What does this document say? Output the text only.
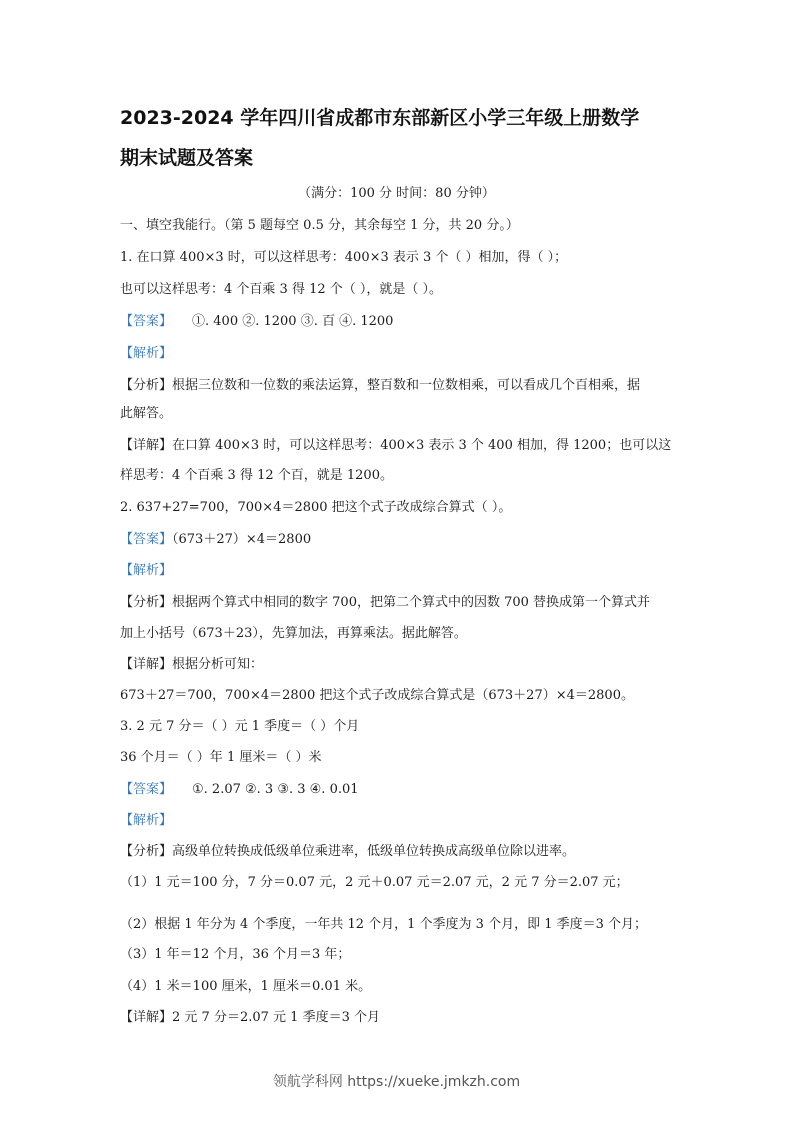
2023-2024 学年四川省成都市东部新区小学三年级上册数学
期末试题及答案
（满分：100 分 时间：80 分钟）
一、填空我能行。（第 5 题每空 0.5 分，其余每空 1 分，共 20 分。）
1. 在口算 400×3 时，可以这样思考：400×3 表示 3 个（ ）相加，得（ ）；
也可以这样思考：4 个百乘 3 得 12 个（ ），就是（ ）。
【答案】 ①. 400 ②. 1200 ③. 百 ④. 1200
【解析】
【分析】根据三位数和一位数的乘法运算，整百数和一位数相乘，可以看成几个百相乘，据
此解答。
【详解】在口算 400×3 时，可以这样思考：400×3 表示 3 个 400 相加，得 1200；也可以这
样思考：4 个百乘 3 得 12 个百，就是 1200。
2. 637+27=700，700×4＝2800 把这个式子改成综合算式（ ）。
【答案】（673＋27）×4＝2800
【解析】
【分析】根据两个算式中相同的数字 700，把第二个算式中的因数 700 替换成第一个算式并
加上小括号（673＋23），先算加法，再算乘法。据此解答。
【详解】根据分析可知：
673＋27＝700，700×4＝2800 把这个式子改成综合算式是（673＋27）×4＝2800。
3. 2 元 7 分＝（ ）元 1 季度＝（ ）个月
36 个月＝（ ）年 1 厘米＝（ ）米
【答案】 ①. 2.07 ②. 3 ③. 3 ④. 0.01
【解析】
【分析】高级单位转换成低级单位乘进率，低级单位转换成高级单位除以进率。
（1）1 元＝100 分，7 分＝0.07 元，2 元＋0.07 元＝2.07 元，2 元 7 分＝2.07 元；
（2）根据 1 年分为 4 个季度，一年共 12 个月，1 个季度为 3 个月，即 1 季度＝3 个月；
（3）1 年＝12 个月，36 个月＝3 年；
（4）1 米＝100 厘米，1 厘米＝0.01 米。
【详解】2 元 7 分＝2.07 元 1 季度＝3 个月
领航学科网 https://xueke.jmkzh.com
